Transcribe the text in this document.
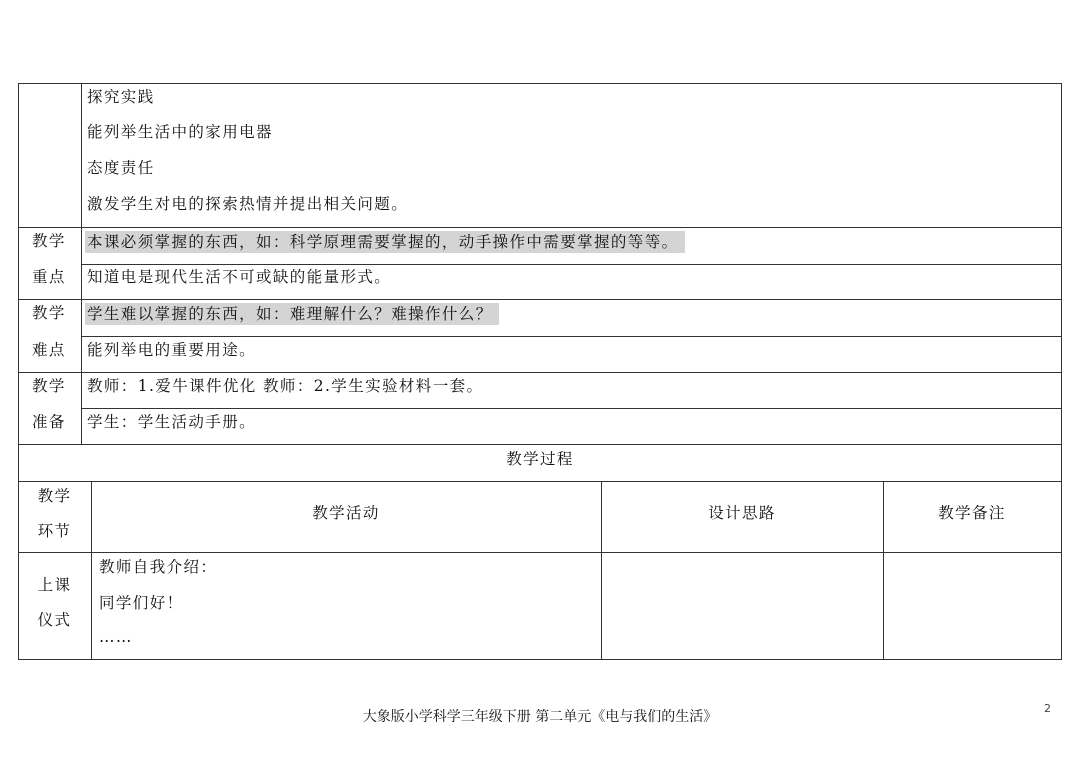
探究实践
能列举生活中的家用电器
态度责任
激发学生对电的探索热情并提出相关问题。
教学
重点
本课必须掌握的东西，如：科学原理需要掌握的，动手操作中需要掌握的等等。
知道电是现代生活不可或缺的能量形式。
教学
难点
学生难以掌握的东西，如：难理解什么？难操作什么？
能列举电的重要用途。
教学
准备
教师：1.爱牛课件优化 教师：2.学生实验材料一套。
学生：学生活动手册。
教学过程
教学
环节
教学活动	设计思路	教学备注
上课
仪式
教师自我介绍：
同学们好！
……
大象版小学科学三年级下册 第二单元《电与我们的生活》
2
